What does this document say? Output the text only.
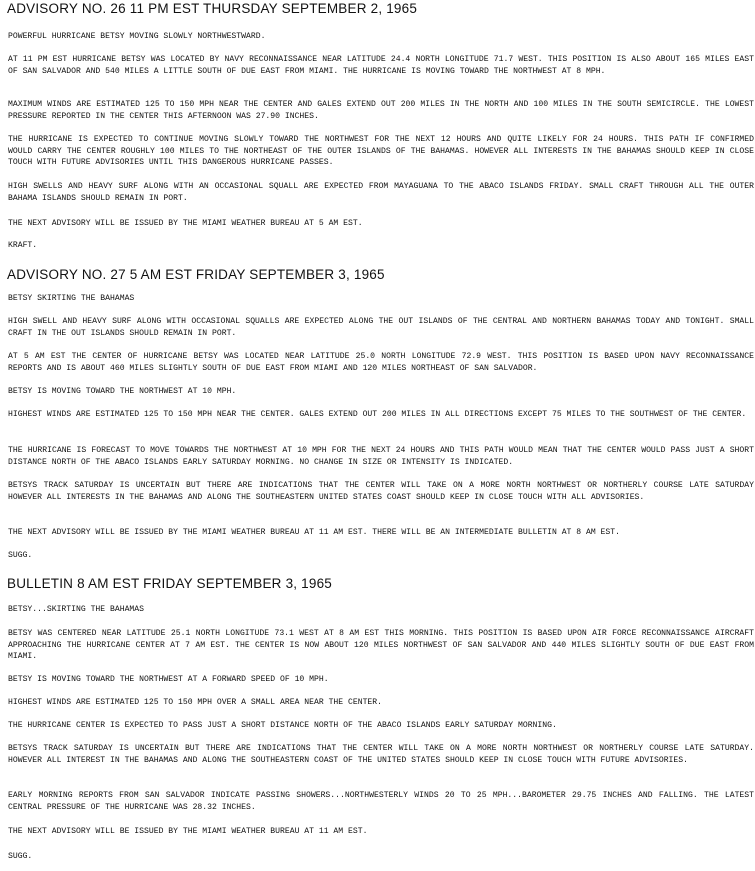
ADVISORY NO. 26 11 PM EST THURSDAY SEPTEMBER 2, 1965
POWERFUL HURRICANE BETSY MOVING SLOWLY NORTHWESTWARD.
AT 11 PM EST HURRICANE BETSY WAS LOCATED BY NAVY RECONNAISSANCE NEAR LATITUDE 24.4 NORTH LONGITUDE 71.7 WEST. THIS POSITION IS ALSO ABOUT 165 MILES EAST OF SAN SALVADOR AND 540 MILES A LITTLE SOUTH OF DUE EAST FROM MIAMI. THE HURRICANE IS MOVING TOWARD THE NORTHWEST AT 8 MPH.
MAXIMUM WINDS ARE ESTIMATED 125 TO 150 MPH NEAR THE CENTER AND GALES EXTEND OUT 200 MILES IN THE NORTH AND 100 MILES IN THE SOUTH SEMICIRCLE. THE LOWEST PRESSURE REPORTED IN THE CENTER THIS AFTERNOON WAS 27.90 INCHES.
THE HURRICANE IS EXPECTED TO CONTINUE MOVING SLOWLY TOWARD THE NORTHWEST FOR THE NEXT 12 HOURS AND QUITE LIKELY FOR 24 HOURS. THIS PATH IF CONFIRMED WOULD CARRY THE CENTER ROUGHLY 100 MILES TO THE NORTHEAST OF THE OUTER ISLANDS OF THE BAHAMAS. HOWEVER ALL INTERESTS IN THE BAHAMAS SHOULD KEEP IN CLOSE TOUCH WITH FUTURE ADVISORIES UNTIL THIS DANGEROUS HURRICANE PASSES.
HIGH SWELLS AND HEAVY SURF ALONG WITH AN OCCASIONAL SQUALL ARE EXPECTED FROM MAYAGUANA TO THE ABACO ISLANDS FRIDAY. SMALL CRAFT THROUGH ALL THE OUTER BAHAMA ISLANDS SHOULD REMAIN IN PORT.
THE NEXT ADVISORY WILL BE ISSUED BY THE MIAMI WEATHER BUREAU AT 5 AM EST.
KRAFT.
ADVISORY NO. 27 5 AM EST FRIDAY SEPTEMBER 3, 1965
BETSY SKIRTING THE BAHAMAS
HIGH SWELL AND HEAVY SURF ALONG WITH OCCASIONAL SQUALLS ARE EXPECTED ALONG THE OUT ISLANDS OF THE CENTRAL AND NORTHERN BAHAMAS TODAY AND TONIGHT. SMALL CRAFT IN THE OUT ISLANDS SHOULD REMAIN IN PORT.
AT 5 AM EST THE CENTER OF HURRICANE BETSY WAS LOCATED NEAR LATITUDE 25.0 NORTH LONGITUDE 72.9 WEST. THIS POSITION IS BASED UPON NAVY RECONNAISSANCE REPORTS AND IS ABOUT 460 MILES SLIGHTLY SOUTH OF DUE EAST FROM MIAMI AND 120 MILES NORTHEAST OF SAN SALVADOR.
BETSY IS MOVING TOWARD THE NORTHWEST AT 10 MPH.
HIGHEST WINDS ARE ESTIMATED 125 TO 150 MPH NEAR THE CENTER. GALES EXTEND OUT 200 MILES IN ALL DIRECTIONS EXCEPT 75 MILES TO THE SOUTHWEST OF THE CENTER.
THE HURRICANE IS FORECAST TO MOVE TOWARDS THE NORTHWEST AT 10 MPH FOR THE NEXT 24 HOURS AND THIS PATH WOULD MEAN THAT THE CENTER WOULD PASS JUST A SHORT DISTANCE NORTH OF THE ABACO ISLANDS EARLY SATURDAY MORNING. NO CHANGE IN SIZE OR INTENSITY IS INDICATED.
BETSYS TRACK SATURDAY IS UNCERTAIN BUT THERE ARE INDICATIONS THAT THE CENTER WILL TAKE ON A MORE NORTH NORTHWEST OR NORTHERLY COURSE LATE SATURDAY HOWEVER ALL INTERESTS IN THE BAHAMAS AND ALONG THE SOUTHEASTERN UNITED STATES COAST SHOULD KEEP IN CLOSE TOUCH WITH ALL ADVISORIES.
THE NEXT ADVISORY WILL BE ISSUED BY THE MIAMI WEATHER BUREAU AT 11 AM EST. THERE WILL BE AN INTERMEDIATE BULLETIN AT 8 AM EST.
SUGG.
BULLETIN 8 AM EST FRIDAY SEPTEMBER 3, 1965
BETSY...SKIRTING THE BAHAMAS
BETSY WAS CENTERED NEAR LATITUDE 25.1 NORTH LONGITUDE 73.1 WEST AT 8 AM EST THIS MORNING. THIS POSITION IS BASED UPON AIR FORCE RECONNAISSANCE AIRCRAFT APPROACHING THE HURRICANE CENTER AT 7 AM EST. THE CENTER IS NOW ABOUT 120 MILES NORTHWEST OF SAN SALVADOR AND 440 MILES SLIGHTLY SOUTH OF DUE EAST FROM MIAMI.
BETSY IS MOVING TOWARD THE NORTHWEST AT A FORWARD SPEED OF 10 MPH.
HIGHEST WINDS ARE ESTIMATED 125 TO 150 MPH OVER A SMALL AREA NEAR THE CENTER.
THE HURRICANE CENTER IS EXPECTED TO PASS JUST A SHORT DISTANCE NORTH OF THE ABACO ISLANDS EARLY SATURDAY MORNING.
BETSYS TRACK SATURDAY IS UNCERTAIN BUT THERE ARE INDICATIONS THAT THE CENTER WILL TAKE ON A MORE NORTH NORTHWEST OR NORTHERLY COURSE LATE SATURDAY. HOWEVER ALL INTEREST IN THE BAHAMAS AND ALONG THE SOUTHEASTERN COAST OF THE UNITED STATES SHOULD KEEP IN CLOSE TOUCH WITH FUTURE ADVISORIES.
EARLY MORNING REPORTS FROM SAN SALVADOR INDICATE PASSING SHOWERS...NORTHWESTERLY WINDS 20 TO 25 MPH...BAROMETER 29.75 INCHES AND FALLING. THE LATEST CENTRAL PRESSURE OF THE HURRICANE WAS 28.32 INCHES.
THE NEXT ADVISORY WILL BE ISSUED BY THE MIAMI WEATHER BUREAU AT 11 AM EST.
SUGG.
